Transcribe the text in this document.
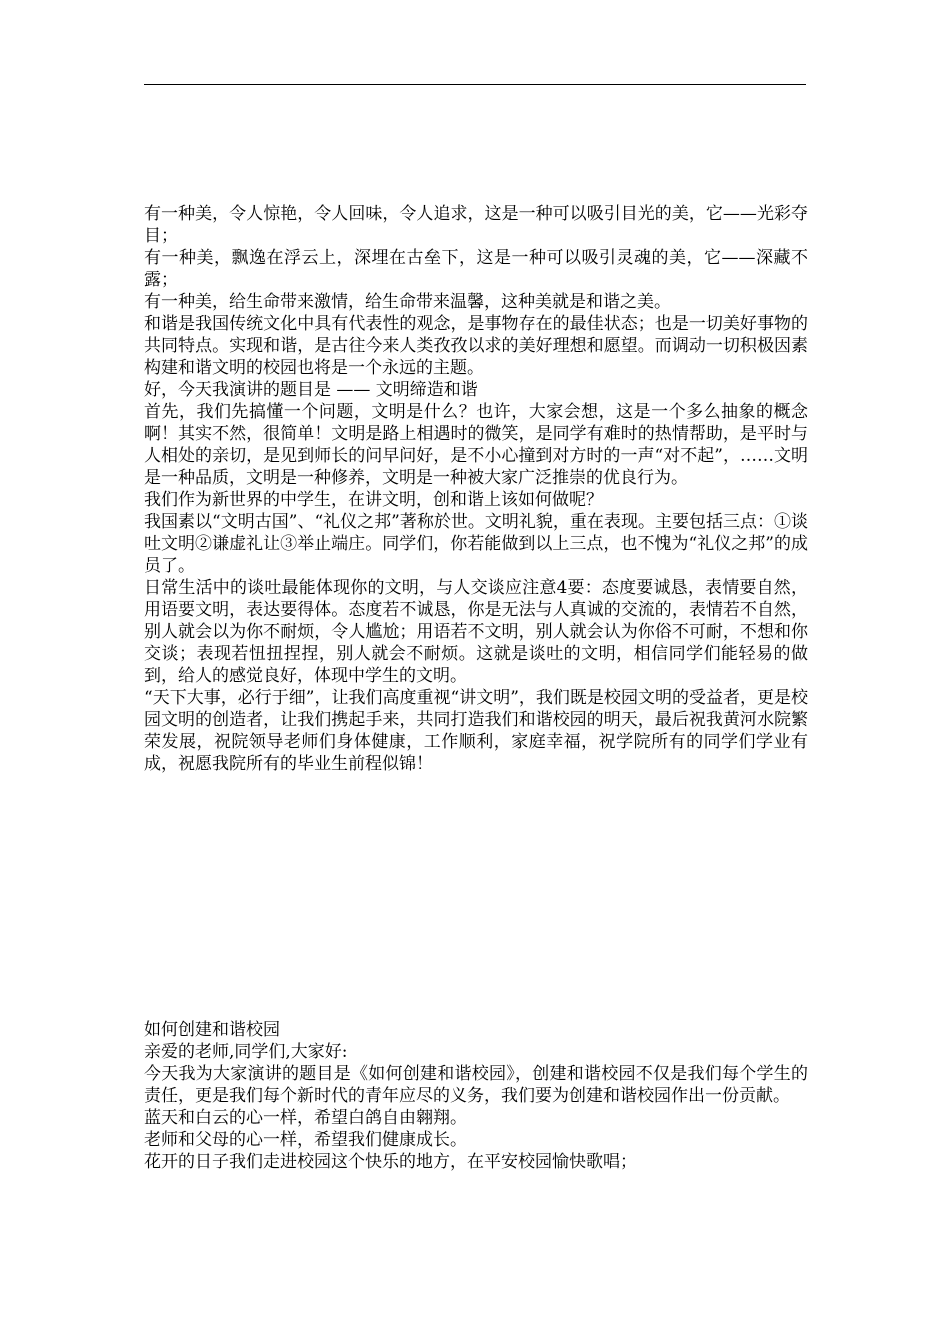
有一种美，令人惊艳，令人回味，令人追求，这是一种可以吸引目光的美，它——光彩夺目；

有一种美，飘逸在浮云上，深埋在古垒下，这是一种可以吸引灵魂的美，它——深藏不露；

有一种美，给生命带来激情，给生命带来温馨，这种美就是和谐之美。

和谐是我国传统文化中具有代表性的观念，是事物存在的最佳状态；也是一切美好事物的共同特点。实现和谐，是古往今来人类孜孜以求的美好理想和愿望。而调动一切积极因素构建和谐文明的校园也将是一个永远的主题。

好，今天我演讲的题目是 —— 文明缔造和谐

首先，我们先搞懂一个问题，文明是什么？也许，大家会想，这是一个多么抽象的概念啊！其实不然，很简单！文明是路上相遇时的微笑，是同学有难时的热情帮助，是平时与人相处的亲切，是见到师长的问早问好，是不小心撞到对方时的一声“对不起”，……文明是一种品质，文明是一种修养，文明是一种被大家广泛推崇的优良行为。

我们作为新世界的中学生，在讲文明，创和谐上该如何做呢？

我国素以“文明古国”、“礼仪之邦”著称於世。文明礼貌，重在表现。主要包括三点：①谈吐文明②谦虚礼让③举止端庄。同学们，你若能做到以上三点，也不愧为“礼仪之邦”的成员了。

日常生活中的谈吐最能体现你的文明，与人交谈应注意4要：态度要诚恳，表情要自然，用语要文明，表达要得体。态度若不诚恳，你是无法与人真诚的交流的，表情若不自然，别人就会以为你不耐烦，令人尴尬；用语若不文明，别人就会认为你俗不可耐，不想和你交谈；表现若忸扭捏捏，别人就会不耐烦。这就是谈吐的文明，相信同学们能轻易的做到，给人的感觉良好，体现中学生的文明。

“天下大事，必行于细”，让我们高度重视“讲文明”，我们既是校园文明的受益者，更是校园文明的创造者，让我们携起手来，共同打造我们和谐校园的明天，最后祝我黄河水院繁荣发展，祝院领导老师们身体健康，工作顺利，家庭幸福，祝学院所有的同学们学业有成，祝愿我院所有的毕业生前程似锦！

如何创建和谐校园

亲爱的老师,同学们,大家好:

今天我为大家演讲的题目是《如何创建和谐校园》，创建和谐校园不仅是我们每个学生的责任，更是我们每个新时代的青年应尽的义务，我们要为创建和谐校园作出一份贡献。

蓝天和白云的心一样，希望白鸽自由翱翔。

老师和父母的心一样，希望我们健康成长。

花开的日子我们走进校园这个快乐的地方，在平安校园愉快歌唱；
